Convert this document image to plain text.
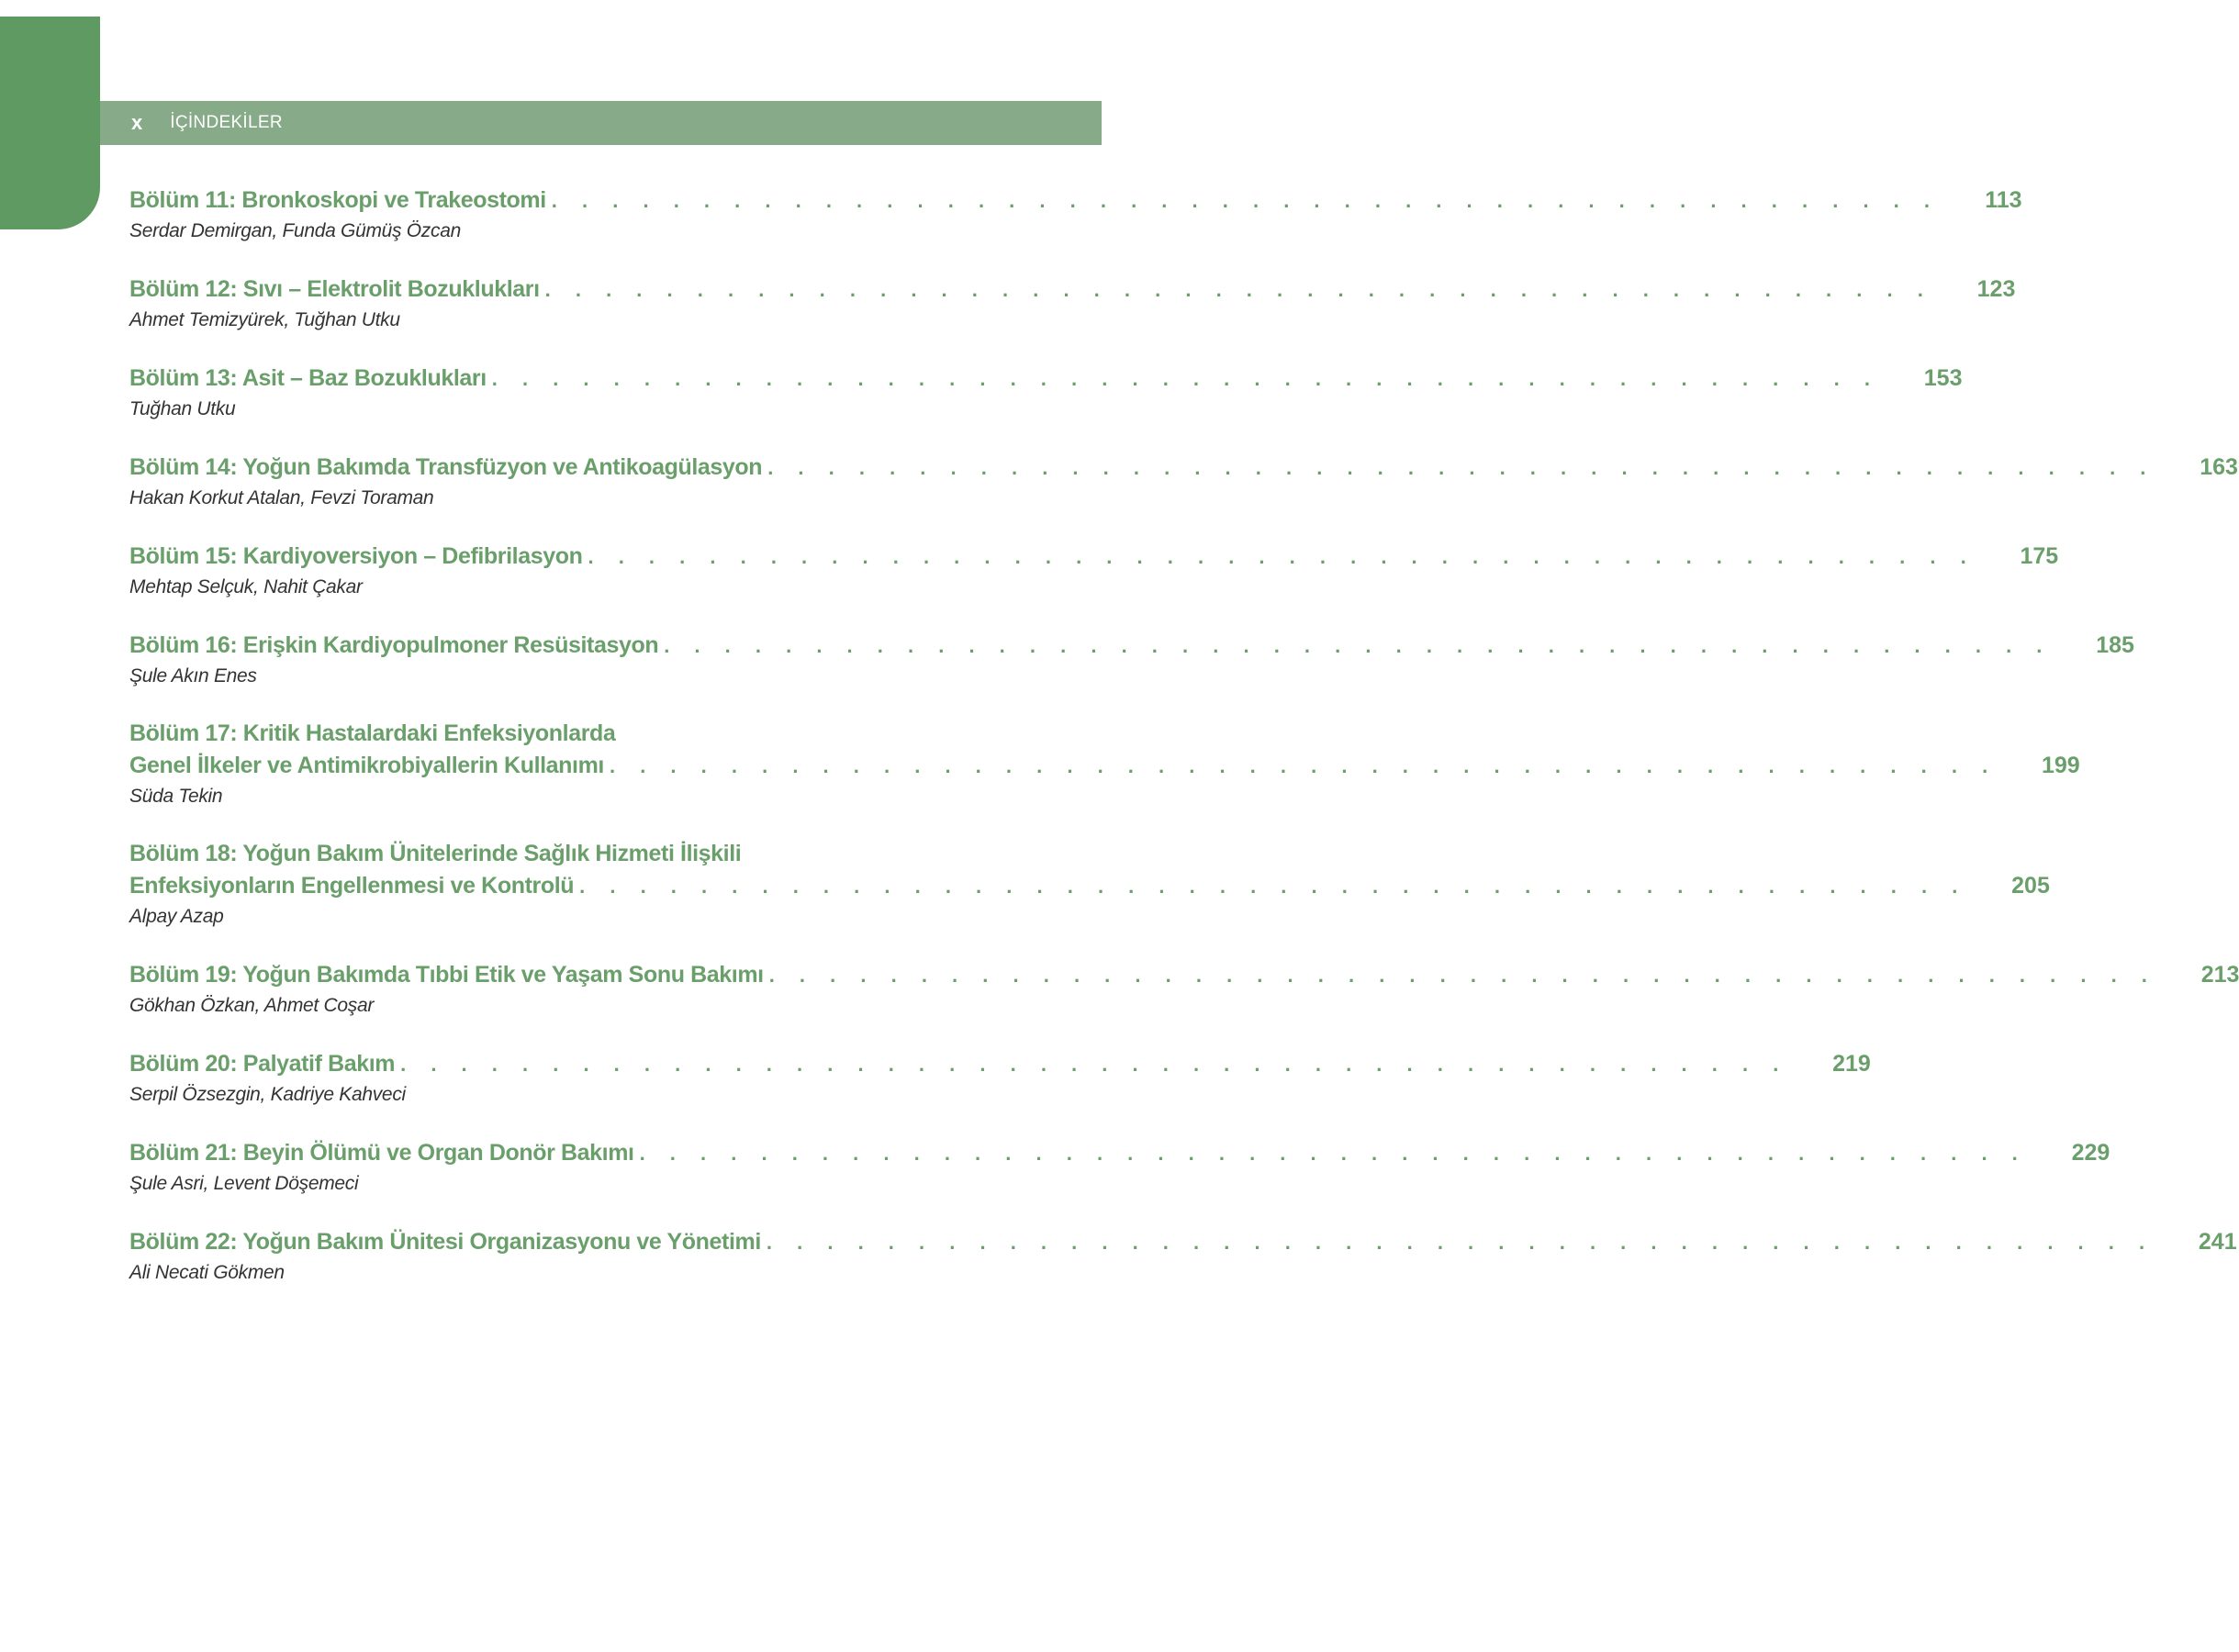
x İÇİNDEKİLER
Bölüm 11: Bronkoskopi ve Trakeostomi . . . . . . . . . . . . . . . . . . . . . . . . . . . . . . . . . . . . . . . . . . . . . .	113
Serdar Demirgan, Funda Gümüş Özcan
Bölüm 12: Sıvı – Elektrolit Bozuklukları . . . . . . . . . . . . . . . . . . . . . . . . . . . . . . . . . . . . . . . . . . . . . .	123
Ahmet Temizyürek, Tuğhan Utku
Bölüm 13: Asit – Baz Bozuklukları . . . . . . . . . . . . . . . . . . . . . . . . . . . . . . . . . . . . . . . . . . . . . .	153
Tuğhan Utku
Bölüm 14: Yoğun Bakımda Transfüzyon ve Antikoagülasyon . . . . . . . . . . . . . . . . . . . . . . . . . . . . . . . . . . . . . . . . . . . . . .	163
Hakan Korkut Atalan, Fevzi Toraman
Bölüm 15: Kardiyoversiyon – Defibrilasyon . . . . . . . . . . . . . . . . . . . . . . . . . . . . . . . . . . . . . . . . . . . . . .	175
Mehtap Selçuk, Nahit Çakar
Bölüm 16: Erişkin Kardiyopulmoner Resüsitasyon . . . . . . . . . . . . . . . . . . . . . . . . . . . . . . . . . . . . . . . . . . . . . .	185
Şule Akın Enes
Bölüm 17: Kritik Hastalardaki Enfeksiyonlarda
Genel İlkeler ve Antimikrobiyallerin Kullanımı . . . . . . . . . . . . . . . . . . . . . . . . . . . . . . . . . . . . . . . . . . . . . .	199
Süda Tekin
Bölüm 18: Yoğun Bakım Ünitelerinde Sağlık Hizmeti İlişkili
Enfeksiyonların Engellenmesi ve Kontrolü . . . . . . . . . . . . . . . . . . . . . . . . . . . . . . . . . . . . . . . . . . . . . .	205
Alpay Azap
Bölüm 19: Yoğun Bakımda Tıbbi Etik ve Yaşam Sonu Bakımı . . . . . . . . . . . . . . . . . . . . . . . . . . . . . . . . . . . . . . . . . . . . . .	213
Gökhan Özkan, Ahmet Coşar
Bölüm 20: Palyatif Bakım . . . . . . . . . . . . . . . . . . . . . . . . . . . . . . . . . . . . . . . . . . . . . .	219
Serpil Özsezgin, Kadriye Kahveci
Bölüm 21: Beyin Ölümü ve Organ Donör Bakımı . . . . . . . . . . . . . . . . . . . . . . . . . . . . . . . . . . . . . . . . . . . . . .	229
Şule Asri, Levent Döşemeci
Bölüm 22: Yoğun Bakım Ünitesi Organizasyonu ve Yönetimi . . . . . . . . . . . . . . . . . . . . . . . . . . . . . . . . . . . . . . . . . . . . . .	241
Ali Necati Gökmen
